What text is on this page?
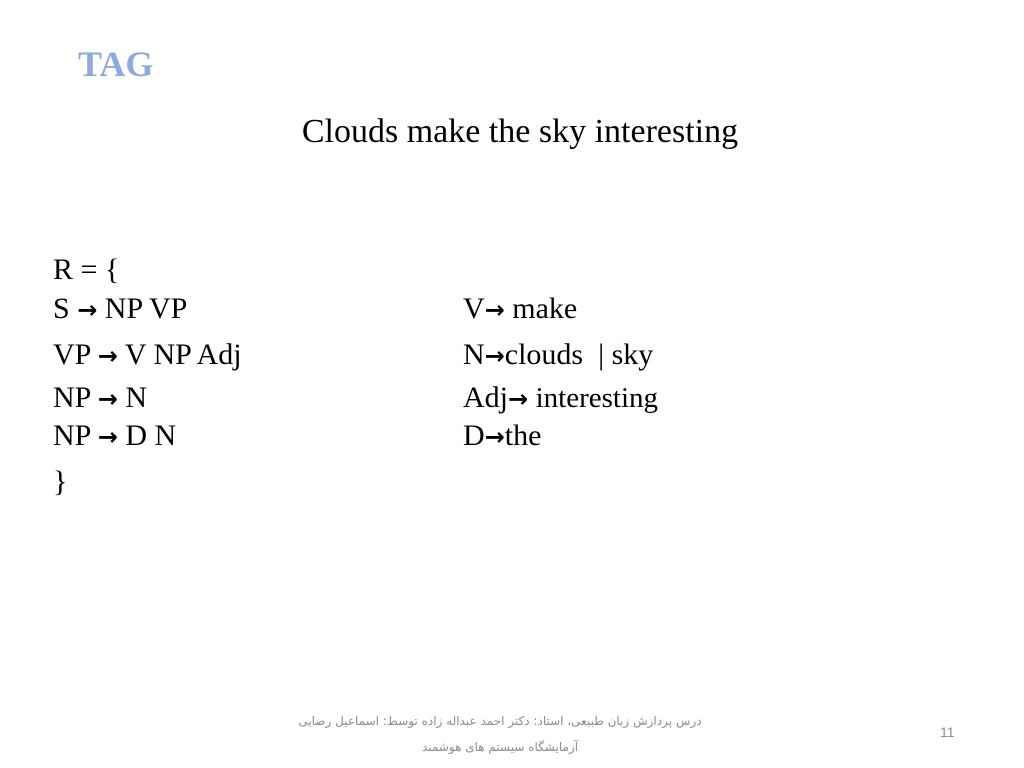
TAG
Clouds make the sky interesting
R = {
S → NP VP	V→ make
VP → V NP Adj	N→clouds  | sky
NP → N	Adj→ interesting
NP → D N	D→the
}
درس پردازش زبان طبیعی، استاد: دکتر احمد عبداله زاده توسط: اسماعیل رضایی
آزمایشگاه سیستم های هوشمند
11
